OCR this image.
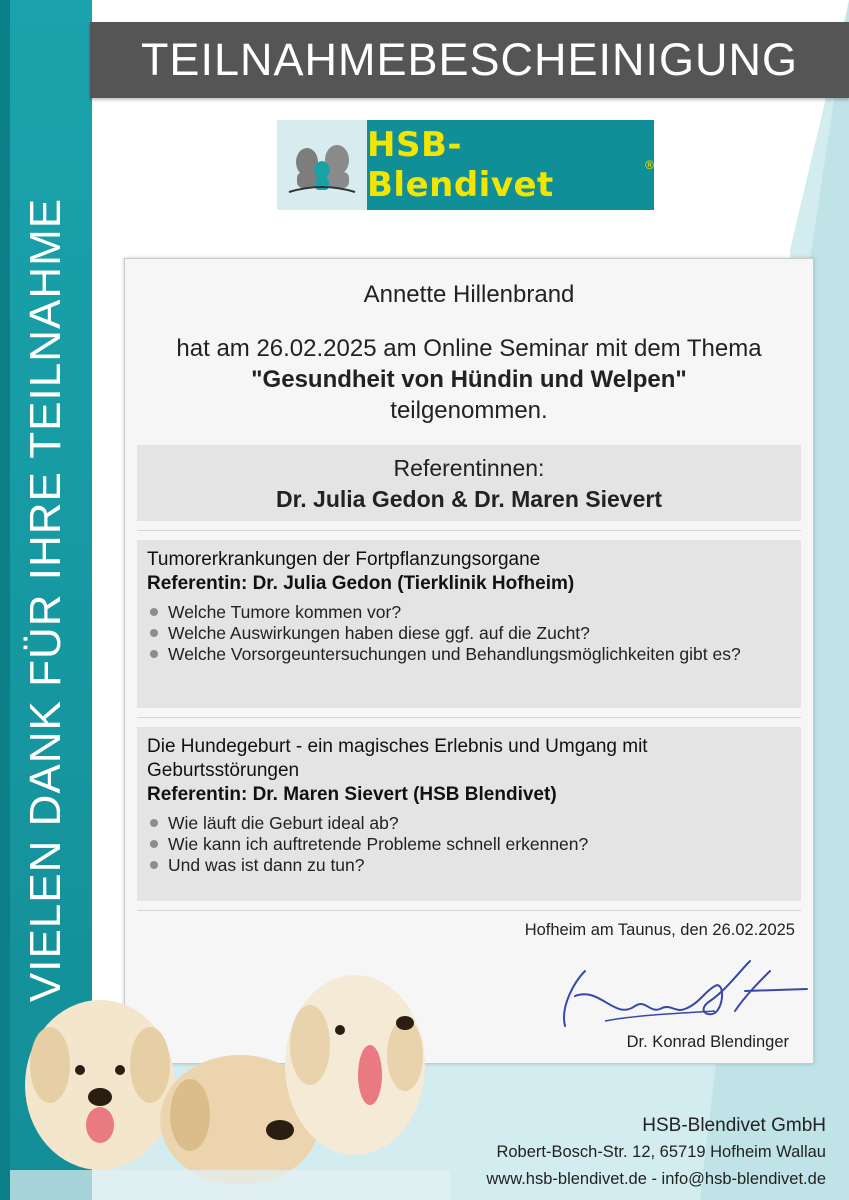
VIELEN DANK FÜR IHRE TEILNAHME
TEILNAHMEBESCHEINIGUNG
HSB-Blendivet	®
Annette Hillenbrand
hat am 26.02.2025 am Online Seminar mit dem Thema
"Gesundheit von Hündin und Welpen"
teilgenommen.
Referentinnen:
Dr. Julia Gedon & Dr. Maren Sievert
Tumorerkrankungen der Fortpflanzungsorgane
Referentin: Dr. Julia Gedon (Tierklinik Hofheim)
Welche Tumore kommen vor?
Welche Auswirkungen haben diese ggf. auf die Zucht?
Welche Vorsorgeuntersuchungen und Behandlungsmöglichkeiten gibt es?
Die Hundegeburt - ein magisches Erlebnis und Umgang mit Geburtsstörungen
Referentin: Dr. Maren Sievert (HSB Blendivet)
Wie läuft die Geburt ideal ab?
Wie kann ich auftretende Probleme schnell erkennen?
Und was ist dann zu tun?
Hofheim am Taunus, den 26.02.2025
Dr. Konrad Blendinger
HSB-Blendivet GmbH
Robert-Bosch-Str. 12, 65719 Hofheim Wallau
www.hsb-blendivet.de - info@hsb-blendivet.de
